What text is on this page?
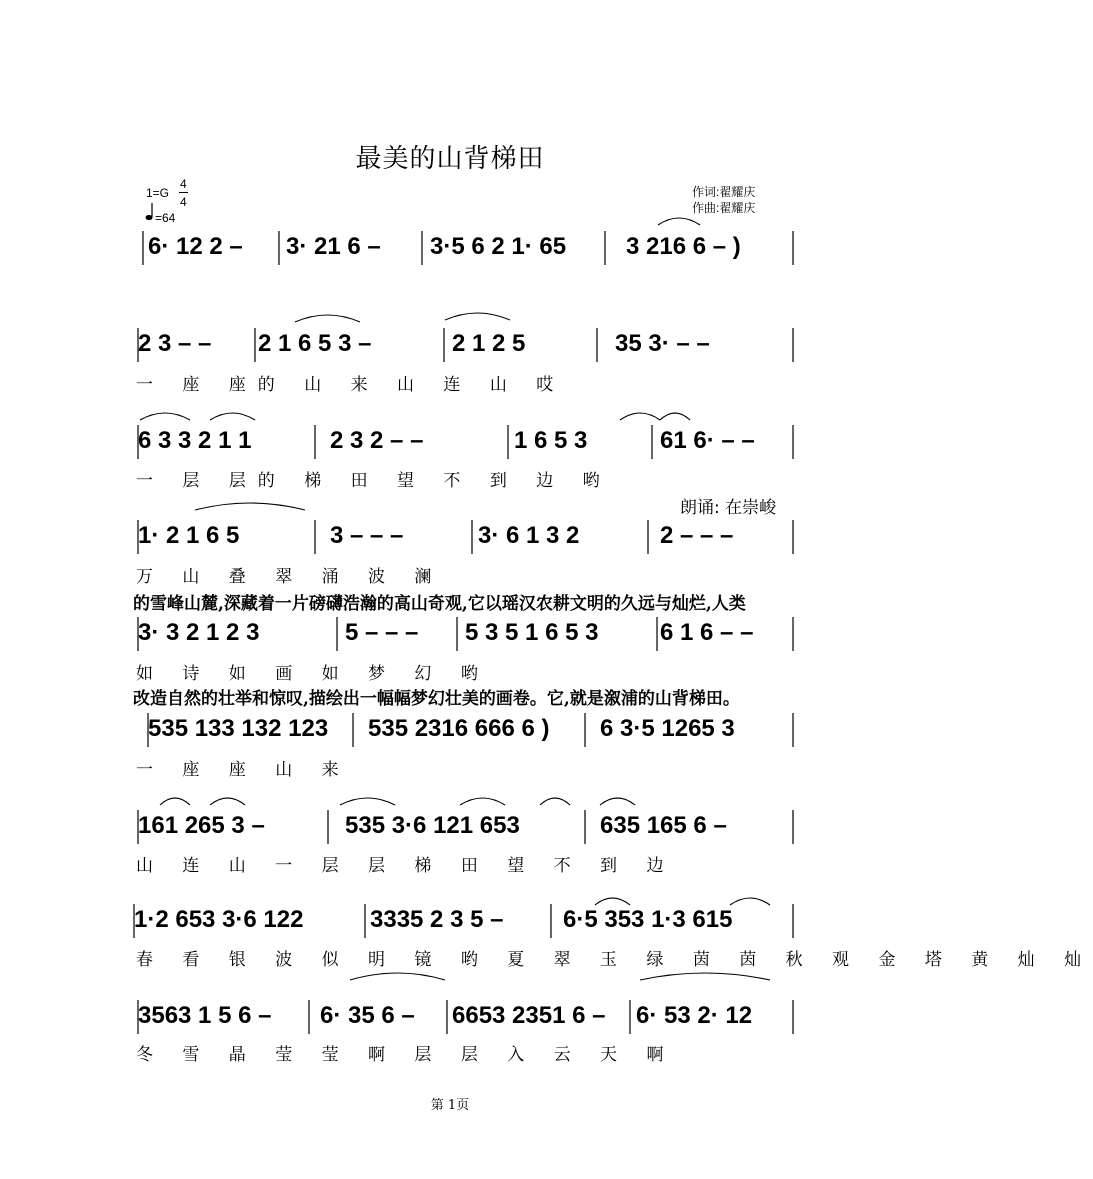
最美的山背梯田
1=G
4
4
=64
作词:翟耀庆
作曲:翟耀庆
朗诵: 在崇峻
6· 12 2 – 3· 21 6 – 3·5 6 2 1· 65 3 216 6 – )
2 3 – – 2 1 6 5 3 –	2 1 2 5	35 3· – –
一 座 座的 山 来 山 连 山 哎
6 3 3 2 1 1	2 3 2 – –	1 6 5 3	61 6· – –
一 层 层的 梯 田 望 不 到 边 哟
1· 2 1 6 5	3 – – –	3· 6 1 3 2	2 – – –
万 山 叠 翠 涌 波 澜
3· 3 2 1 2 3	5 – – – 5 3 5 1 6 5 3	6 1 6 – –
如 诗 如 画 如 梦 幻 哟
535 133 132 123 535 2316 666 6 ) 6 3·5 1265 3
一 座 座 山 来
161 265 3 –	535 3·6 121 653	635 165 6 –
山 连 山 一 层 层 梯 田 望 不 到 边
1·2 653 3·6 122	3335 2 3 5 – 6·5 353 1·3 615
春 看 银 波 似 明 镜 哟 夏 翠 玉 绿 茵 茵 秋 观 金 塔 黄 灿 灿
3563 1 5 6 – 6· 35 6 – 6653 2351 6 – 6· 53 2· 12
冬 雪 晶 莹 莹 啊 层 层 入 云 天 啊
的雪峰山麓,深藏着一片磅礴浩瀚的高山奇观,它以瑶汉农耕文明的久远与灿烂,人类
改造自然的壮举和惊叹,描绘出一幅幅梦幻壮美的画卷。它,就是溆浦的山背梯田。
第 1页
